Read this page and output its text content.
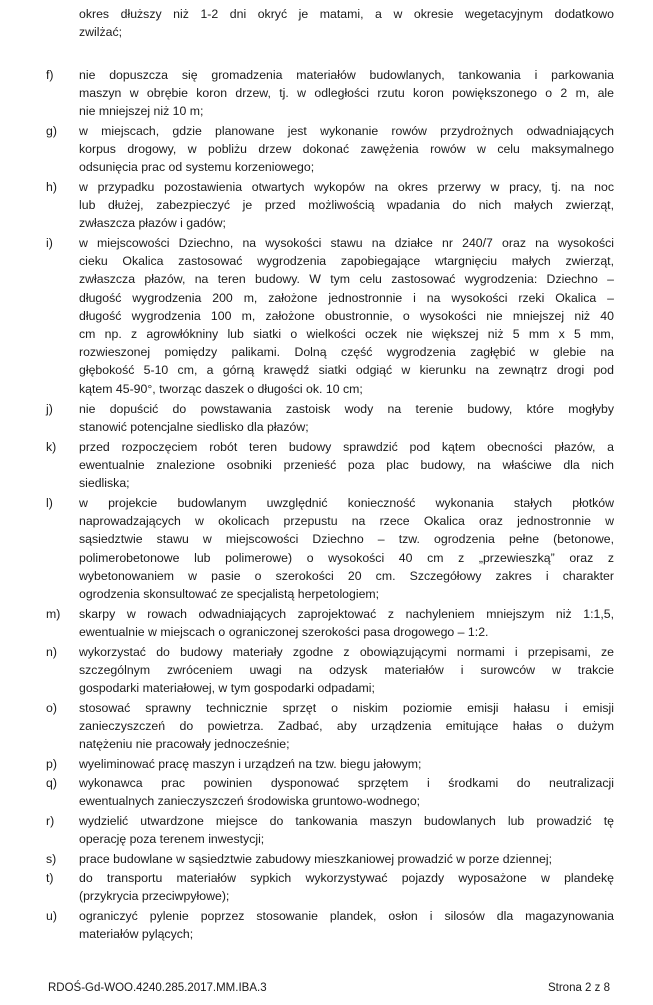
okres dłuższy niż 1-2 dni okryć je matami, a w okresie wegetacyjnym dodatkowo
zwilżać;
f) nie dopuszcza się gromadzenia materiałów budowlanych, tankowania i parkowania
maszyn w obrębie koron drzew, tj. w odległości rzutu koron powiększonego o 2 m, ale
nie mniejszej niż 10 m;
g) w miejscach, gdzie planowane jest wykonanie rowów przydrożnych odwadniających
korpus drogowy, w pobliżu drzew dokonać zawężenia rowów w celu maksymalnego
odsunięcia prac od systemu korzeniowego;
h) w przypadku pozostawienia otwartych wykopów na okres przerwy w pracy, tj. na noc
lub dłużej, zabezpieczyć je przed możliwością wpadania do nich małych zwierząt,
zwłaszcza płazów i gadów;
i) w miejscowości Dziechno, na wysokości stawu na działce nr 240/7 oraz na wysokości
cieku Okalica zastosować wygrodzenia zapobiegające wtargnięciu małych zwierząt,
zwłaszcza płazów, na teren budowy. W tym celu zastosować wygrodzenia: Dziechno –
długość wygrodzenia 200 m, założone jednostronnie i na wysokości rzeki Okalica –
długość wygrodzenia 100 m, założone obustronnie, o wysokości nie mniejszej niż 40
cm np. z agrowłókniny lub siatki o wielkości oczek nie większej niż 5 mm x 5 mm,
rozwieszonej pomiędzy palikami. Dolną część wygrodzenia zagłębić w glebie na
głębokość 5-10 cm, a górną krawędź siatki odgiąć w kierunku na zewnątrz drogi pod
kątem 45-90°, tworząc daszek o długości ok. 10 cm;
j) nie dopuścić do powstawania zastoisk wody na terenie budowy, które mogłyby
stanowić potencjalne siedlisko dla płazów;
k) przed rozpoczęciem robót teren budowy sprawdzić pod kątem obecności płazów, a
ewentualnie znalezione osobniki przenieść poza plac budowy, na właściwe dla nich
siedliska;
l) w projekcie budowlanym uwzględnić konieczność wykonania stałych płotków
naprowadzających w okolicach przepustu na rzece Okalica oraz jednostronnie w
sąsiedztwie stawu w miejscowości Dziechno – tzw. ogrodzenia pełne (betonowe,
polimerobetonowe lub polimerowe) o wysokości 40 cm z „przewieszką” oraz z
wybetonowaniem w pasie o szerokości 20 cm. Szczegółowy zakres i charakter
ogrodzenia skonsultować ze specjalistą herpetologiem;
m) skarpy w rowach odwadniających zaprojektować z nachyleniem mniejszym niż 1:1,5,
ewentualnie w miejscach o ograniczonej szerokości pasa drogowego – 1:2.
n) wykorzystać do budowy materiały zgodne z obowiązującymi normami i przepisami, ze
szczególnym zwróceniem uwagi na odzysk materiałów i surowców w trakcie
gospodarki materiałowej, w tym gospodarki odpadami;
o) stosować sprawny technicznie sprzęt o niskim poziomie emisji hałasu i emisji
zanieczyszczeń do powietrza. Zadbać, aby urządzenia emitujące hałas o dużym
natężeniu nie pracowały jednocześnie;
p) wyeliminować pracę maszyn i urządzeń na tzw. biegu jałowym;
q) wykonawca prac powinien dysponować sprzętem i środkami do neutralizacji
ewentualnych zanieczyszczeń środowiska gruntowo-wodnego;
r) wydzielić utwardzone miejsce do tankowania maszyn budowlanych lub prowadzić tę
operację poza terenem inwestycji;
s) prace budowlane w sąsiedztwie zabudowy mieszkaniowej prowadzić w porze dziennej;
t) do transportu materiałów sypkich wykorzystywać pojazdy wyposażone w plandekę
(przykrycia przeciwpyłowe);
u) ograniczyć pylenie poprzez stosowanie plandek, osłon i silosów dla magazynowania
materiałów pylących;
RDOŚ-Gd-WOO.4240.285.2017.MM.IBA.3	Strona 2 z 8
